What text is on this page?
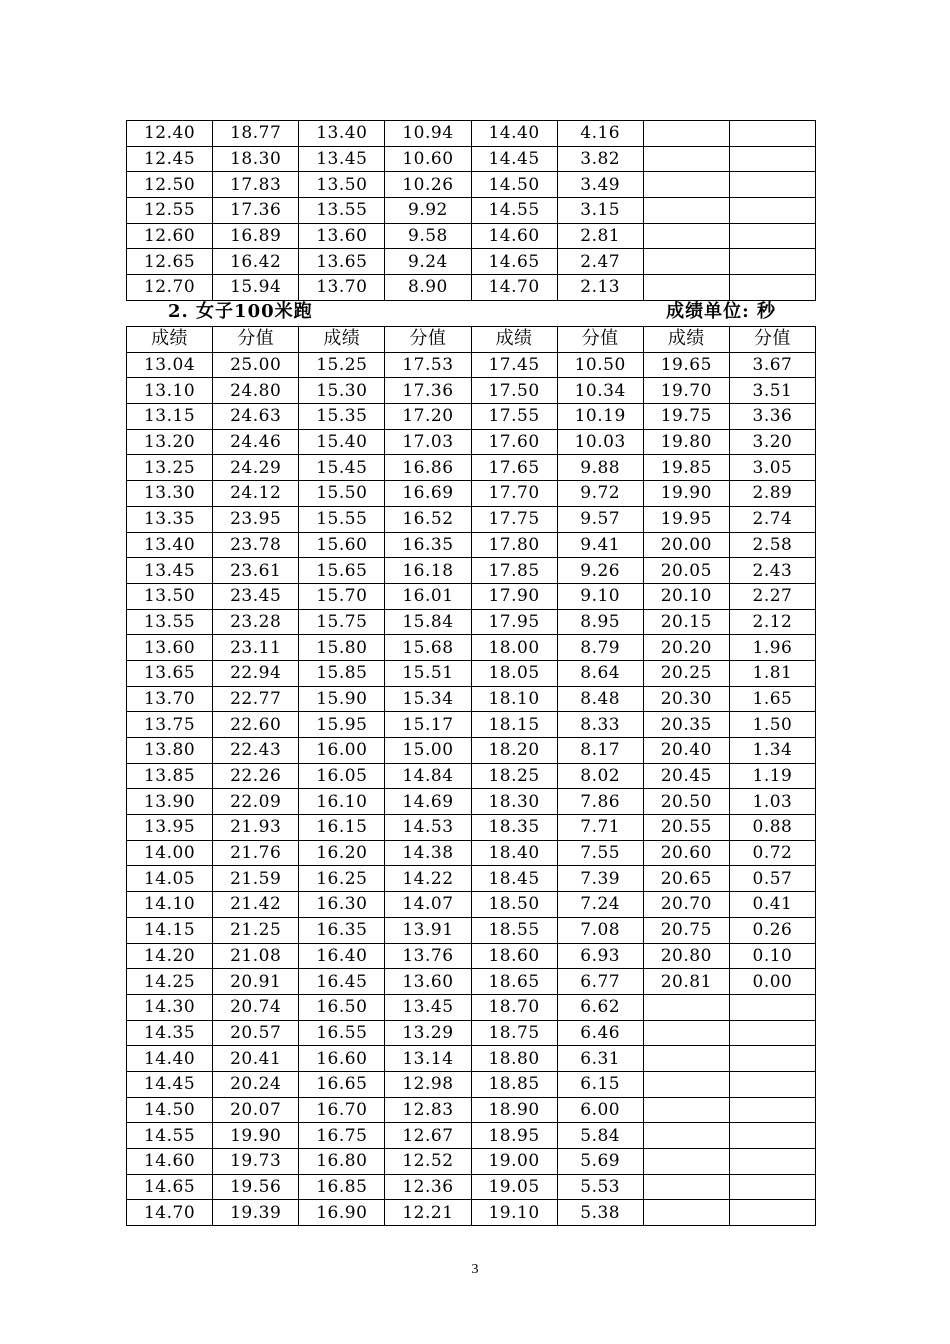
12.40	18.77	13.40	10.94	14.40	4.16		
12.45	18.30	13.45	10.60	14.45	3.82		
12.50	17.83	13.50	10.26	14.50	3.49		
12.55	17.36	13.55	9.92	14.55	3.15		
12.60	16.89	13.60	9.58	14.60	2.81		
12.65	16.42	13.65	9.24	14.65	2.47		
12.70	15.94	13.70	8.90	14.70	2.13		
2. 女子100米跑	成绩单位: 秒
成绩	分值	成绩	分值	成绩	分值	成绩	分值
13.04	25.00	15.25	17.53	17.45	10.50	19.65	3.67
13.10	24.80	15.30	17.36	17.50	10.34	19.70	3.51
13.15	24.63	15.35	17.20	17.55	10.19	19.75	3.36
13.20	24.46	15.40	17.03	17.60	10.03	19.80	3.20
13.25	24.29	15.45	16.86	17.65	9.88	19.85	3.05
13.30	24.12	15.50	16.69	17.70	9.72	19.90	2.89
13.35	23.95	15.55	16.52	17.75	9.57	19.95	2.74
13.40	23.78	15.60	16.35	17.80	9.41	20.00	2.58
13.45	23.61	15.65	16.18	17.85	9.26	20.05	2.43
13.50	23.45	15.70	16.01	17.90	9.10	20.10	2.27
13.55	23.28	15.75	15.84	17.95	8.95	20.15	2.12
13.60	23.11	15.80	15.68	18.00	8.79	20.20	1.96
13.65	22.94	15.85	15.51	18.05	8.64	20.25	1.81
13.70	22.77	15.90	15.34	18.10	8.48	20.30	1.65
13.75	22.60	15.95	15.17	18.15	8.33	20.35	1.50
13.80	22.43	16.00	15.00	18.20	8.17	20.40	1.34
13.85	22.26	16.05	14.84	18.25	8.02	20.45	1.19
13.90	22.09	16.10	14.69	18.30	7.86	20.50	1.03
13.95	21.93	16.15	14.53	18.35	7.71	20.55	0.88
14.00	21.76	16.20	14.38	18.40	7.55	20.60	0.72
14.05	21.59	16.25	14.22	18.45	7.39	20.65	0.57
14.10	21.42	16.30	14.07	18.50	7.24	20.70	0.41
14.15	21.25	16.35	13.91	18.55	7.08	20.75	0.26
14.20	21.08	16.40	13.76	18.60	6.93	20.80	0.10
14.25	20.91	16.45	13.60	18.65	6.77	20.81	0.00
14.30	20.74	16.50	13.45	18.70	6.62		
14.35	20.57	16.55	13.29	18.75	6.46		
14.40	20.41	16.60	13.14	18.80	6.31		
14.45	20.24	16.65	12.98	18.85	6.15		
14.50	20.07	16.70	12.83	18.90	6.00		
14.55	19.90	16.75	12.67	18.95	5.84		
14.60	19.73	16.80	12.52	19.00	5.69		
14.65	19.56	16.85	12.36	19.05	5.53		
14.70	19.39	16.90	12.21	19.10	5.38		
3
